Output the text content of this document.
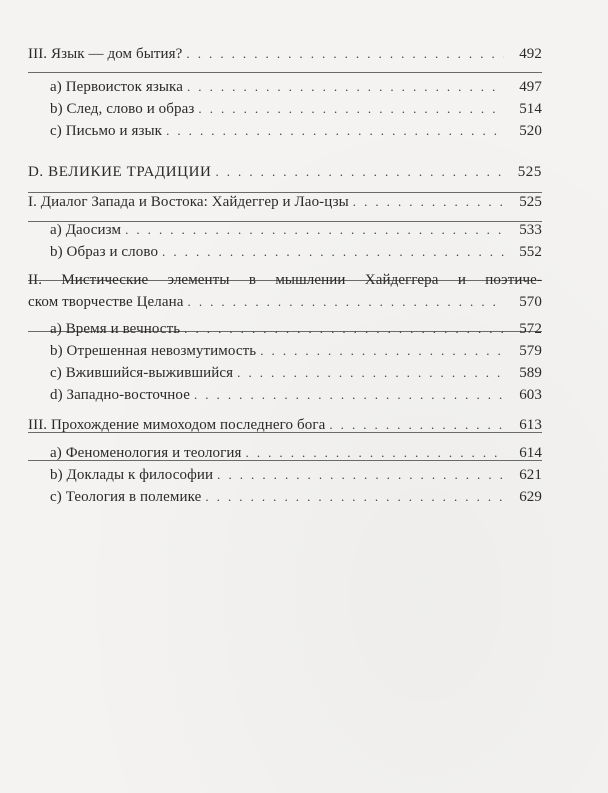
III. Язык — дом бытия? . . .	492
a) Первоисток языка . . .	497
b) След, слово и образ . . .	514
c) Письмо и язык . . .	520
D. ВЕЛИКИЕ ТРАДИЦИИ . . .	525
I. Диалог Запада и Востока: Хайдеггер и Лао-цзы . . .	525
a) Даосизм . . .	533
b) Образ и слово . . .	552
II. Мистические элементы в мышлении Хайдеггера и поэтиче-
ском творчестве Целана . . .	570
a) Время и вечность . . .	572
b) Отрешенная невозмутимость . . .	579
c) Вжившийся-выжившийся . . .	589
d) Западно-восточное . . .	603
III. Прохождение мимоходом последнего бога . . .	613
a) Феноменология и теология . . .	614
b) Доклады к философии . . .	621
c) Теология в полемике . . .	629
